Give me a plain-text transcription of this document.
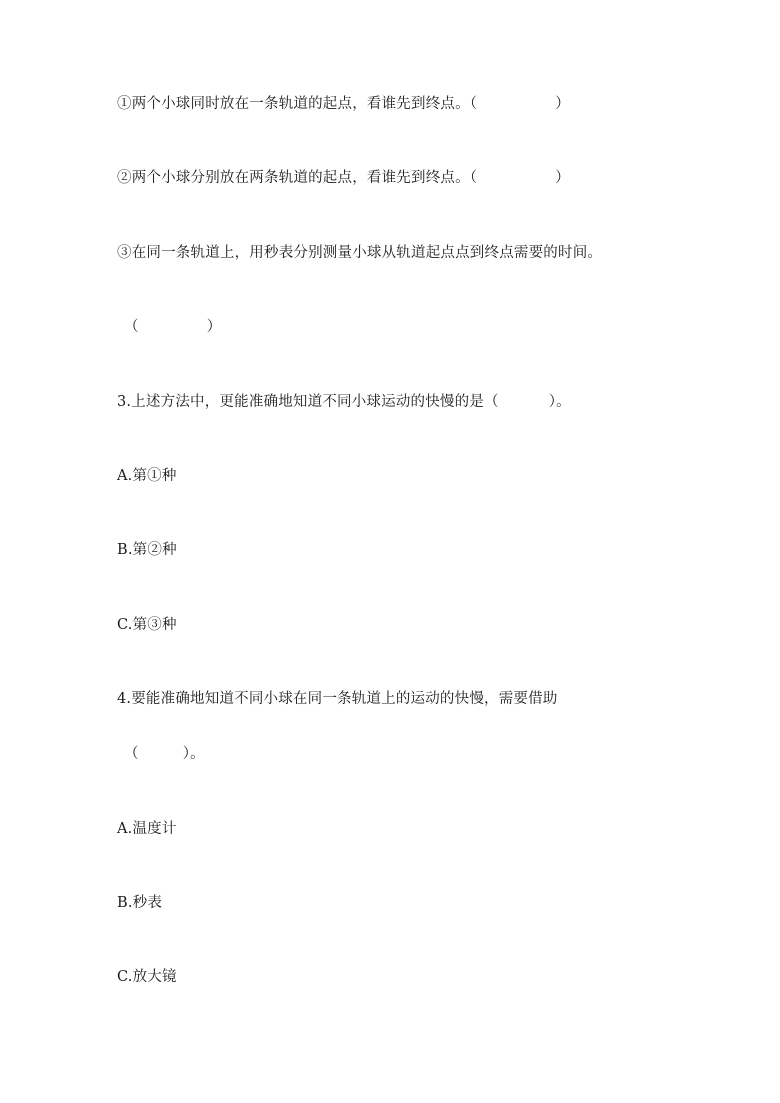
①两个小球同时放在一条轨道的起点，看谁先到终点。（	）
②两个小球分别放在两条轨道的起点，看谁先到终点。（	）
③在同一条轨道上，用秒表分别测量小球从轨道起点点到终点需要的时间。
（	）
3.上述方法中，更能准确地知道不同小球运动的快慢的是（	）。
A.第①种
B.第②种
C.第③种
4.要能准确地知道不同小球在同一条轨道上的运动的快慢，需要借助
（	）。
A.温度计
B.秒表
C.放大镜
